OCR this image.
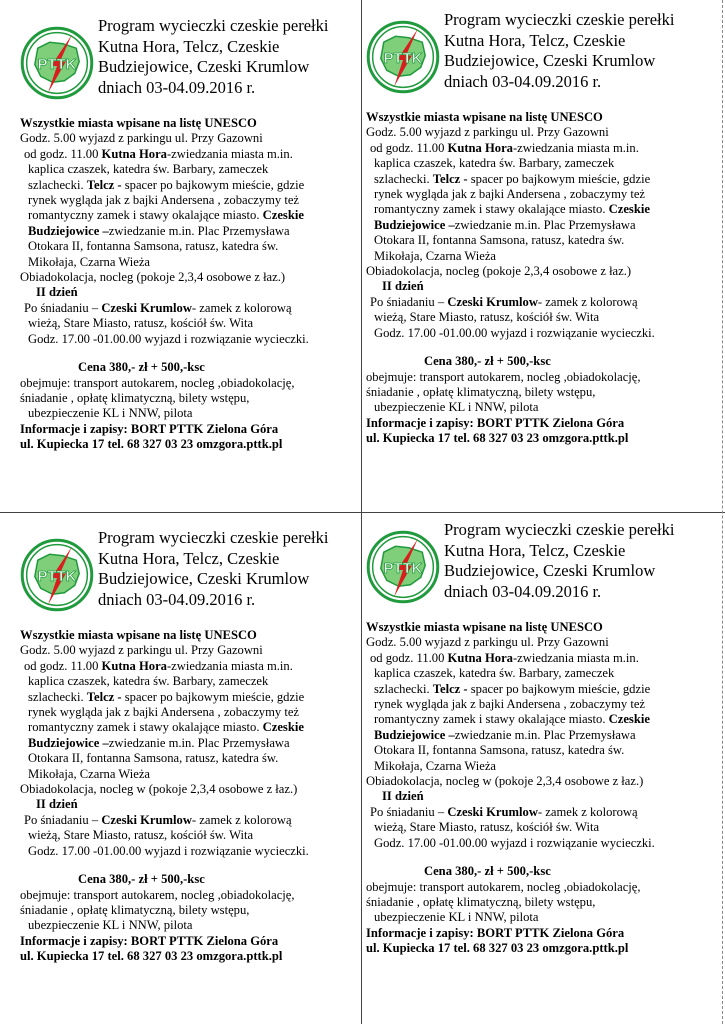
PTTK
Program wycieczki czeskie perełki
Kutna Hora, Telcz, Czeskie
Budziejowice, Czeski Krumlow
dniach 03-04.09.2016 r.
Wszystkie miasta wpisane na listę UNESCO
Godz. 5.00 wyjazd z parkingu ul. Przy Gazowni
od godz. 11.00 Kutna Hora-zwiedzania miasta m.in.
kaplica czaszek, katedra św. Barbary, zameczek
szlachecki. Telcz - spacer po bajkowym mieście, gdzie
rynek wygląda jak z bajki Andersena , zobaczymy też
romantyczny zamek i stawy okalające miasto. Czeskie
Budziejowice –zwiedzanie m.in. Plac Przemysława
Otokara II, fontanna Samsona, ratusz, katedra św.
Mikołaja, Czarna Wieża
Obiadokolacja, nocleg (pokoje 2,3,4 osobowe z łaz.)
II dzień
Po śniadaniu – Czeski Krumlow- zamek z kolorową
wieżą, Stare Miasto, ratusz, kościół św. Wita
Godz. 17.00 -01.00.00 wyjazd i rozwiązanie wycieczki.
Cena 380,- zł + 500,-ksc
obejmuje: transport autokarem, nocleg ,obiadokolację,
śniadanie , opłatę klimatyczną, bilety wstępu,
ubezpieczenie KL i NNW, pilota
Informacje i zapisy: BORT PTTK Zielona Góra
ul. Kupiecka 17 tel. 68 327 03 23 omzgora.pttk.pl
PTTK
Program wycieczki czeskie perełki
Kutna Hora, Telcz, Czeskie
Budziejowice, Czeski Krumlow
dniach 03-04.09.2016 r.
Wszystkie miasta wpisane na listę UNESCO
Godz. 5.00 wyjazd z parkingu ul. Przy Gazowni
od godz. 11.00 Kutna Hora-zwiedzania miasta m.in.
kaplica czaszek, katedra św. Barbary, zameczek
szlachecki. Telcz - spacer po bajkowym mieście, gdzie
rynek wygląda jak z bajki Andersena , zobaczymy też
romantyczny zamek i stawy okalające miasto. Czeskie
Budziejowice –zwiedzanie m.in. Plac Przemysława
Otokara II, fontanna Samsona, ratusz, katedra św.
Mikołaja, Czarna Wieża
Obiadokolacja, nocleg (pokoje 2,3,4 osobowe z łaz.)
II dzień
Po śniadaniu – Czeski Krumlow- zamek z kolorową
wieżą, Stare Miasto, ratusz, kościół św. Wita
Godz. 17.00 -01.00.00 wyjazd i rozwiązanie wycieczki.
Cena 380,- zł + 500,-ksc
obejmuje: transport autokarem, nocleg ,obiadokolację,
śniadanie , opłatę klimatyczną, bilety wstępu,
ubezpieczenie KL i NNW, pilota
Informacje i zapisy: BORT PTTK Zielona Góra
ul. Kupiecka 17 tel. 68 327 03 23 omzgora.pttk.pl
PTTK
Program wycieczki czeskie perełki
Kutna Hora, Telcz, Czeskie
Budziejowice, Czeski Krumlow
dniach 03-04.09.2016 r.
Wszystkie miasta wpisane na listę UNESCO
Godz. 5.00 wyjazd z parkingu ul. Przy Gazowni
od godz. 11.00 Kutna Hora-zwiedzania miasta m.in.
kaplica czaszek, katedra św. Barbary, zameczek
szlachecki. Telcz - spacer po bajkowym mieście, gdzie
rynek wygląda jak z bajki Andersena , zobaczymy też
romantyczny zamek i stawy okalające miasto. Czeskie
Budziejowice –zwiedzanie m.in. Plac Przemysława
Otokara II, fontanna Samsona, ratusz, katedra św.
Mikołaja, Czarna Wieża
Obiadokolacja, nocleg w (pokoje 2,3,4 osobowe z łaz.)
II dzień
Po śniadaniu – Czeski Krumlow- zamek z kolorową
wieżą, Stare Miasto, ratusz, kościół św. Wita
Godz. 17.00 -01.00.00 wyjazd i rozwiązanie wycieczki.
Cena 380,- zł + 500,-ksc
obejmuje: transport autokarem, nocleg ,obiadokolację,
śniadanie , opłatę klimatyczną, bilety wstępu,
ubezpieczenie KL i NNW, pilota
Informacje i zapisy: BORT PTTK Zielona Góra
ul. Kupiecka 17 tel. 68 327 03 23 omzgora.pttk.pl
PTTK
Program wycieczki czeskie perełki
Kutna Hora, Telcz, Czeskie
Budziejowice, Czeski Krumlow
dniach 03-04.09.2016 r.
Wszystkie miasta wpisane na listę UNESCO
Godz. 5.00 wyjazd z parkingu ul. Przy Gazowni
od godz. 11.00 Kutna Hora-zwiedzania miasta m.in.
kaplica czaszek, katedra św. Barbary, zameczek
szlachecki. Telcz - spacer po bajkowym mieście, gdzie
rynek wygląda jak z bajki Andersena , zobaczymy też
romantyczny zamek i stawy okalające miasto. Czeskie
Budziejowice –zwiedzanie m.in. Plac Przemysława
Otokara II, fontanna Samsona, ratusz, katedra św.
Mikołaja, Czarna Wieża
Obiadokolacja, nocleg w (pokoje 2,3,4 osobowe z łaz.)
II dzień
Po śniadaniu – Czeski Krumlow- zamek z kolorową
wieżą, Stare Miasto, ratusz, kościół św. Wita
Godz. 17.00 -01.00.00 wyjazd i rozwiązanie wycieczki.
Cena 380,- zł + 500,-ksc
obejmuje: transport autokarem, nocleg ,obiadokolację,
śniadanie , opłatę klimatyczną, bilety wstępu,
ubezpieczenie KL i NNW, pilota
Informacje i zapisy: BORT PTTK Zielona Góra
ul. Kupiecka 17 tel. 68 327 03 23 omzgora.pttk.pl
